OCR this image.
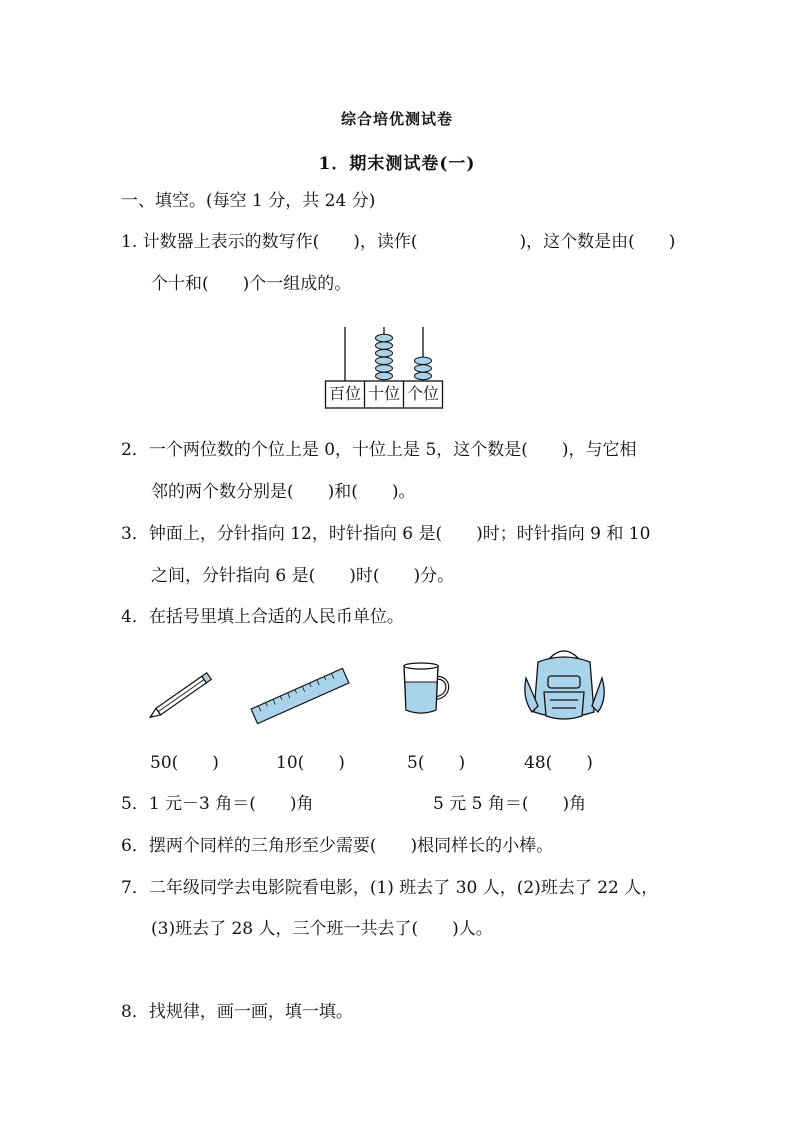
综合培优测试卷
1．期末测试卷(一)
一、填空。(每空 1 分，共 24 分)
1. 计数器上表示的数写作(　　)，读作(　　　　　　)，这个数是由(　　)
个十和(　　)个一组成的。
百位 十位 个位
2．一个两位数的个位上是 0，十位上是 5，这个数是(　　)，与它相
邻的两个数分别是(　　)和(　　)。
3．钟面上，分针指向 12，时针指向 6 是(　　)时；时针指向 9 和 10
之间，分针指向 6 是(　　)时(　　)分。
4．在括号里填上合适的人民币单位。
50(　　)	10(　　)	5(　　)	48(　　)
5．1 元－3 角＝(　　)角	5 元 5 角＝(　　)角
6．摆两个同样的三角形至少需要(　　)根同样长的小棒。
7．二年级同学去电影院看电影，(1) 班去了 30 人，(2)班去了 22 人，
(3)班去了 28 人，三个班一共去了(　　)人。
8．找规律，画一画，填一填。
